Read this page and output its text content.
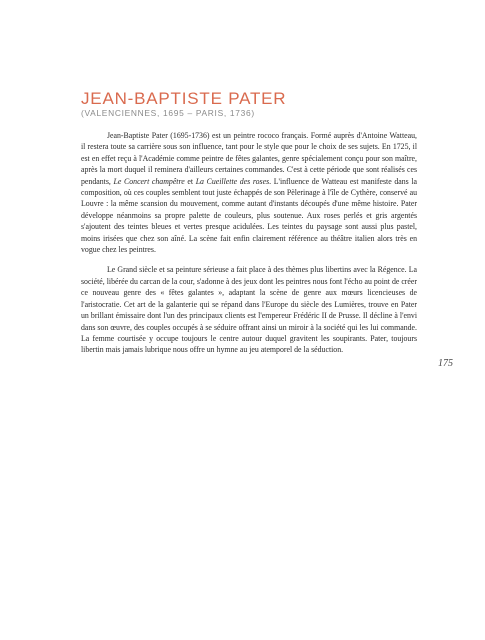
JEAN-BAPTISTE PATER
(VALENCIENNES, 1695 – PARIS, 1736)

Jean-Baptiste Pater (1695-1736) est un peintre rococo français. Formé auprès d'Antoine Watteau, il restera toute sa carrière sous son influence, tant pour le style que pour le choix de ses sujets. En 1725, il est en effet reçu à l'Académie comme peintre de fêtes galantes, genre spécialement conçu pour son maître, après la mort duquel il reminera d'ailleurs certaines commandes. C'est à cette période que sont réalisés ces pendants, Le Concert champêtre et La Cueillette des roses. L'influence de Watteau est manifeste dans la composition, où ces couples semblent tout juste échappés de son Pèlerinage à l'île de Cythère, conservé au Louvre : la même scansion du mouvement, comme autant d'instants découpés d'une même histoire. Pater développe néanmoins sa propre palette de couleurs, plus soutenue. Aux roses perlés et gris argentés s'ajoutent des teintes bleues et vertes presque acidulées. Les teintes du paysage sont aussi plus pastel, moins irisées que chez son aîné. La scène fait enfin clairement référence au théâtre italien alors très en vogue chez les peintres.

Le Grand siècle et sa peinture sérieuse a fait place à des thèmes plus libertins avec la Régence. La société, libérée du carcan de la cour, s'adonne à des jeux dont les peintres nous font l'écho au point de créer ce nouveau genre des « fêtes galantes », adaptant la scène de genre aux mœurs licencieuses de l'aristocratie. Cet art de la galanterie qui se répand dans l'Europe du siècle des Lumières, trouve en Pater un brillant émissaire dont l'un des principaux clients est l'empereur Frédéric II de Prusse. Il décline à l'envi dans son œuvre, des couples occupés à se séduire offrant ainsi un miroir à la société qui les lui commande. La femme courtisée y occupe toujours le centre autour duquel gravitent les soupirants. Pater, toujours libertin mais jamais lubrique nous offre un hymne au jeu atemporel de la séduction.

175
